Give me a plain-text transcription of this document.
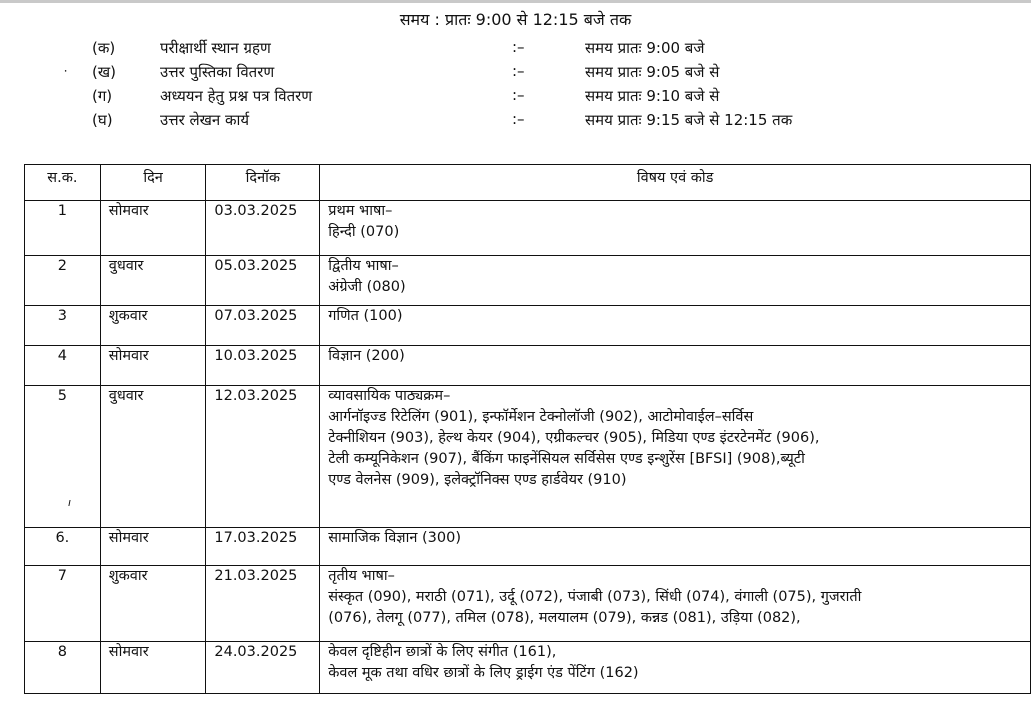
समय : प्रातः 9:00 से 12:15 बजे तक
⸱
(क)	परीक्षार्थी स्थान ग्रहण	:–	समय प्रातः 9:00 बजे
(ख)	उत्तर पुस्तिका वितरण	:–	समय प्रातः 9:05 बजे से
(ग)	अध्ययन हेतु प्रश्न पत्र वितरण	:–	समय प्रातः 9:10 बजे से
(घ)	उत्तर लेखन कार्य	:–	समय प्रातः 9:15 बजे से 12:15 तक
स.क.	दिन	दिनॉक	विषय एवं कोड
1	सोमवार	03.03.2025	प्रथम भाषा–
हिन्दी (070)

2	वुधवार	05.03.2025	द्वितीय भाषा–
अंग्रेजी (080)

3	शुकवार	07.03.2025	गणित (100)

4	सोमवार	10.03.2025	विज्ञान (200)

5	वुधवार	12.03.2025	व्यावसायिक पाठ्यक्रम–
आर्गनॉइज्ड रिटेलिंग (901), इन्फॉर्मेशन टेक्नोलॉजी (902), आटोमोवाईल–सर्विस
टेक्नीशियन (903), हेल्थ केयर (904), एग्रीकल्चर (905), मिडिया एण्ड इंटरटेनमेंट (906),
टेली कम्यूनिकेशन (907), बैंकिंग फाइनेंसियल सर्विसेस एण्ड इन्शुरेंस [BFSI] (908),ब्यूटी
एण्ड वेलनेस (909), इलेक्ट्रॉनिक्स एण्ड हार्डवेयर (910)

6.	सोमवार	17.03.2025	सामाजिक विज्ञान (300)

7	शुकवार	21.03.2025	तृतीय भाषा–
संस्कृत (090), मराठी (071), उर्दू (072), पंजाबी (073), सिंधी (074), वंगाली (075), गुजराती
(076), तेलगू (077), तमिल (078), मलयालम (079), कन्नड (081), उड़िया (082),

8	सोमवार	24.03.2025	केवल दृष्टिहीन छात्रों के लिए संगीत (161),
केवल मूक तथा वधिर छात्रों के लिए ड्राईग एंड पेंटिंग (162)
ı
